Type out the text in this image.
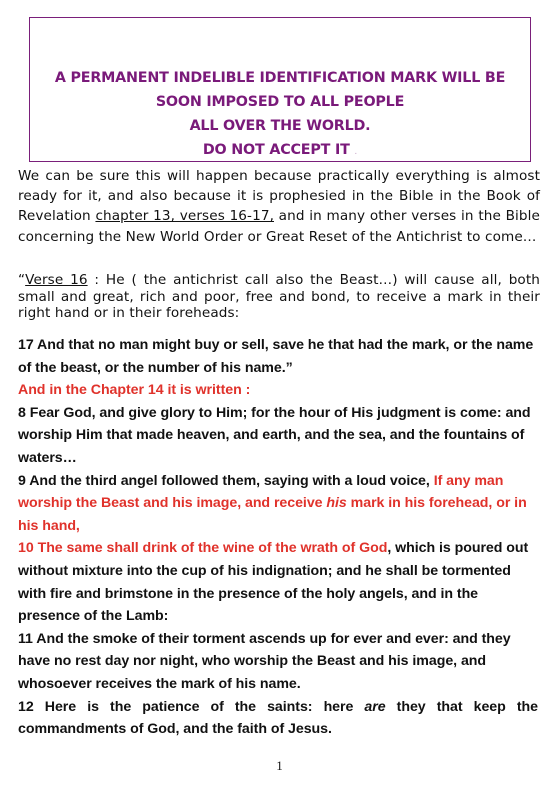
A PERMANENT INDELIBLE IDENTIFICATION MARK WILL BE
SOON IMPOSED TO ALL PEOPLE
ALL OVER THE WORLD.
DO NOT ACCEPT IT .
We can be sure this will happen because practically everything is almost ready for it, and also because it is prophesied in the Bible in the Book of Revelation chapter 13, verses 16-17, and in many other verses in the Bible concerning the New World Order or Great Reset of the Antichrist to come…
“Verse 16 : He ( the antichrist call also the Beast…) will cause all, both small and great, rich and poor, free and bond, to receive a mark in their right hand or in their foreheads:

17 And that no man might buy or sell, save he that had the mark, or the name of the beast, or the number of his name.”

And in the Chapter 14 it is written :

8 Fear God, and give glory to Him; for the hour of His judgment is come: and worship Him that made heaven, and earth, and the sea, and the fountains of waters…

9 And the third angel followed them, saying with a loud voice, If any man worship the Beast and his image, and receive his mark in his forehead, or in his hand,

10 The same shall drink of the wine of the wrath of God, which is poured out without mixture into the cup of his indignation; and he shall be tormented with fire and brimstone in the presence of the holy angels, and in the presence of the Lamb:

11 And the smoke of their torment ascends up for ever and ever: and they have no rest day nor night, who worship the Beast and his image, and whosoever receives the mark of his name.

12 Here is the patience of the saints: here are they that keep the commandments of God, and the faith of Jesus.

1
